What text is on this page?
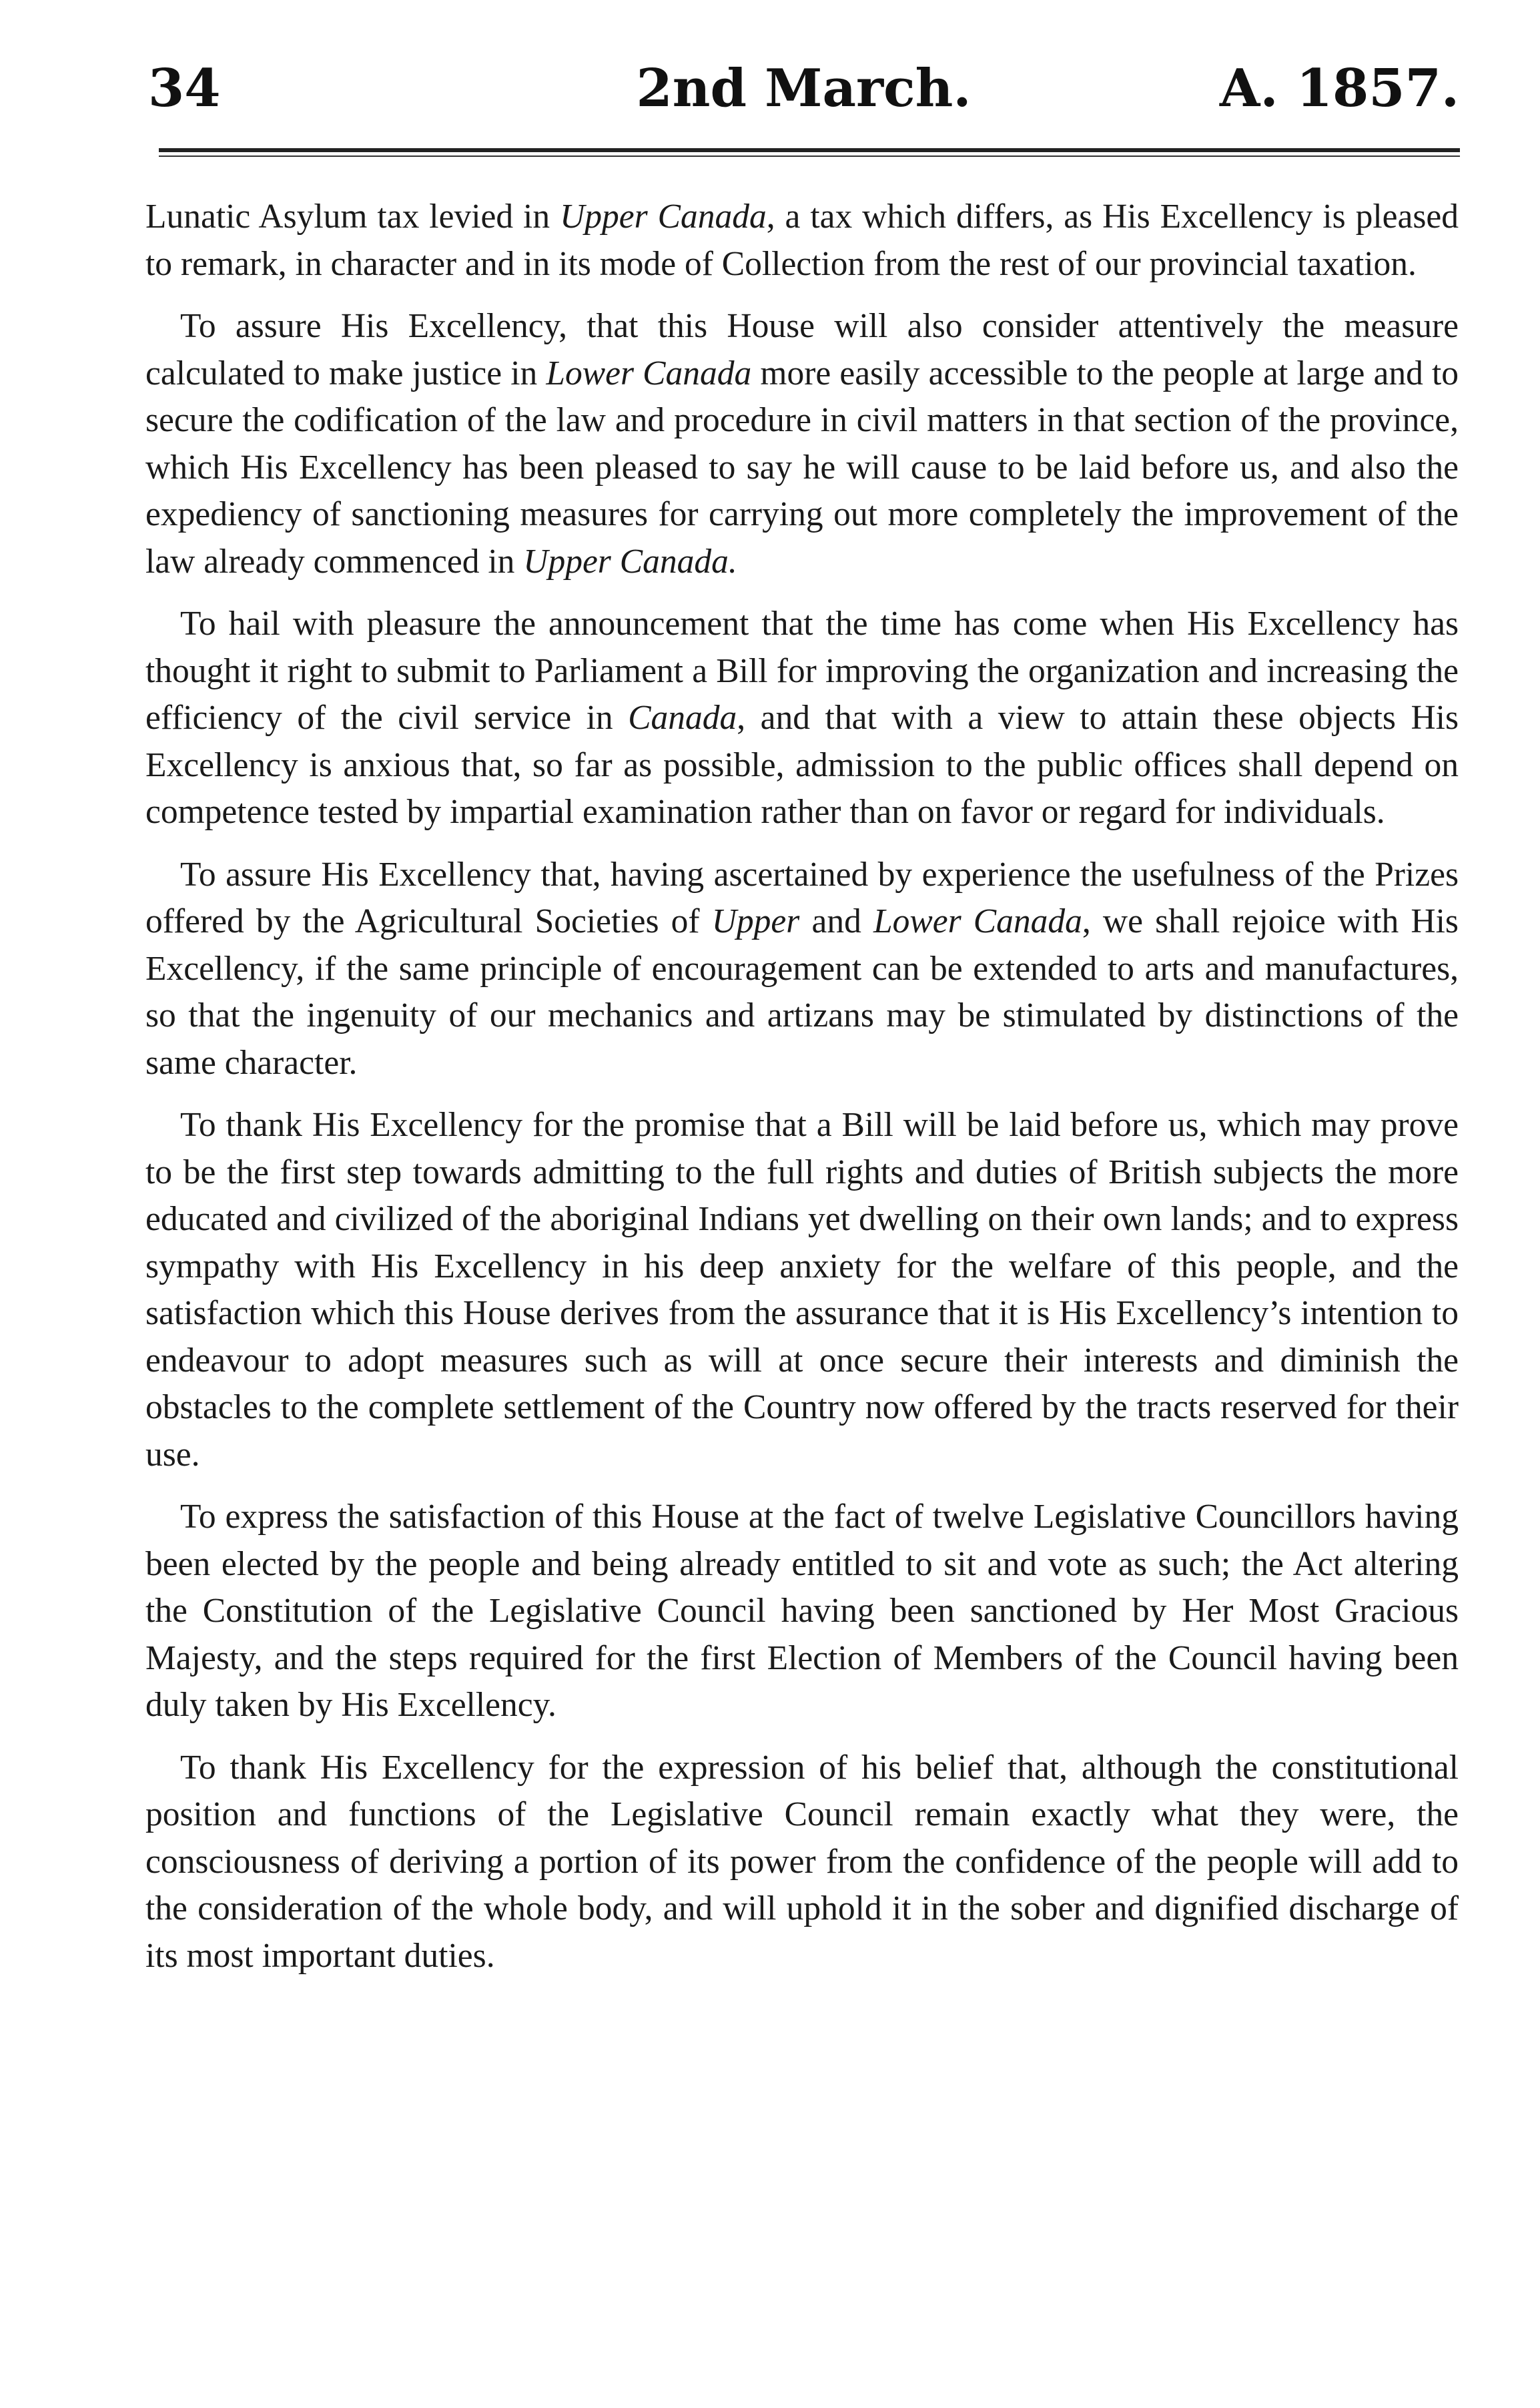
34	2nd March.	A. 1857.

Lunatic Asylum tax levied in Upper Canada, a tax which differs, as His Excellency is pleased to remark, in character and in its mode of Collection from the rest of our provincial taxation.

To assure His Excellency, that this House will also consider attentively the measure calculated to make justice in Lower Canada more easily accessible to the people at large and to secure the codification of the law and procedure in civil matters in that section of the province, which His Excellency has been pleased to say he will cause to be laid before us, and also the expediency of sanctioning measures for carrying out more completely the improvement of the law already commenced in Upper Canada.

To hail with pleasure the announcement that the time has come when His Excellency has thought it right to submit to Parliament a Bill for improving the organization and increasing the efficiency of the civil service in Canada, and that with a view to attain these objects His Excellency is anxious that, so far as possible, admission to the public offices shall depend on competence tested by impartial examination rather than on favor or regard for individuals.

To assure His Excellency that, having ascertained by experience the usefulness of the Prizes offered by the Agricultural Societies of Upper and Lower Canada, we shall rejoice with His Excellency, if the same principle of encouragement can be extended to arts and manufactures, so that the ingenuity of our mechanics and artizans may be stimulated by distinctions of the same character.

To thank His Excellency for the promise that a Bill will be laid before us, which may prove to be the first step towards admitting to the full rights and duties of British subjects the more educated and civilized of the aboriginal Indians yet dwelling on their own lands; and to express sympathy with His Excellency in his deep anxiety for the welfare of this people, and the satisfaction which this House derives from the assurance that it is His Excellency’s intention to endeavour to adopt measures such as will at once secure their interests and diminish the obstacles to the complete settlement of the Country now offered by the tracts reserved for their use.

To express the satisfaction of this House at the fact of twelve Legislative Councillors having been elected by the people and being already entitled to sit and vote as such; the Act altering the Constitution of the Legislative Council having been sanctioned by Her Most Gracious Majesty, and the steps required for the first Election of Members of the Council having been duly taken by His Excellency.

To thank His Excellency for the expression of his belief that, although the constitutional position and functions of the Legislative Council remain exactly what they were, the consciousness of deriving a portion of its power from the confidence of the people will add to the consideration of the whole body, and will uphold it in the sober and dignified discharge of its most important duties.
